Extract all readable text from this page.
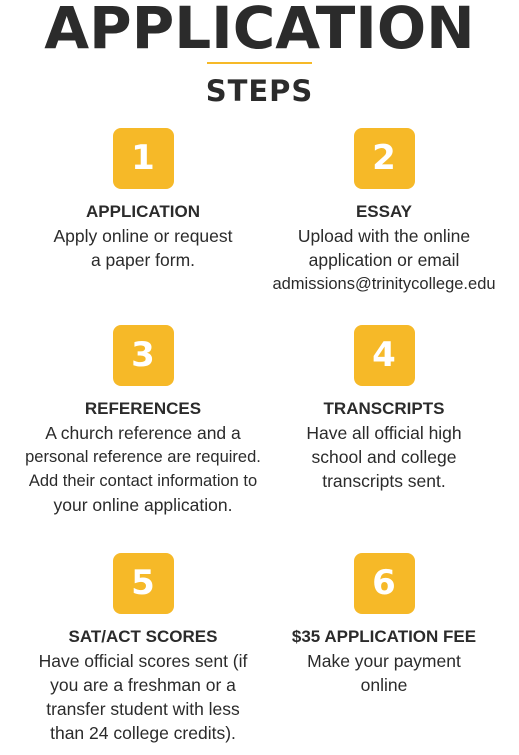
APPLICATION
STEPS
1
APPLICATION
Apply online or request
a paper form.
2
ESSAY
Upload with the online
application or email
admissions@trinitycollege.edu
3
REFERENCES
A church reference and a
personal reference are required.
Add their contact information to
your online application.
4
TRANSCRIPTS
Have all official high
school and college
transcripts sent.
5
SAT/ACT SCORES
Have official scores sent (if
you are a freshman or a
transfer student with less
than 24 college credits).
6
$35 APPLICATION FEE
Make your payment
online
